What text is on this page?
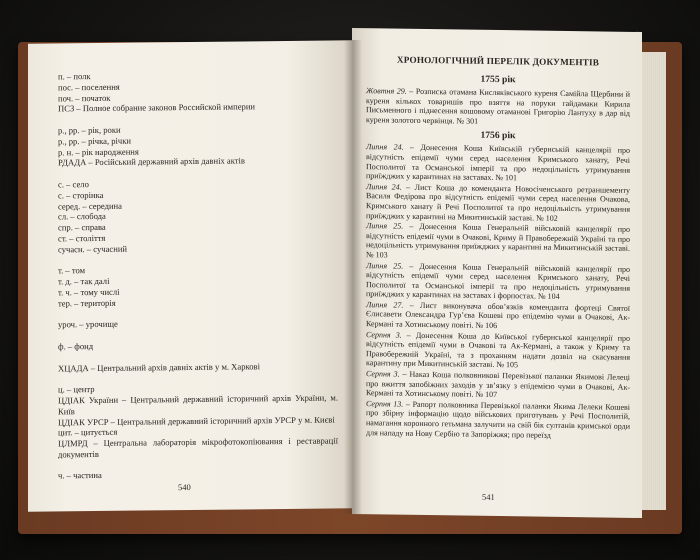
п. – полк
пос. – поселення
поч. – початок
ПСЗ – Полное собрание законов Российской империи
р., рр. – рік, роки
р., рр. – річка, річки
р. н. – рік народження
РДАДА – Російський державний архів давніх актів
с. – село
с. – сторінка
серед. – середина
сл. – слобода
спр. – справа
ст. – століття
сучасн. – сучасний
т. – том
т. д. – так далі
т. ч. – тому числі
тер. – територія
уроч. – урочище
ф. – фонд
ХЦАДА – Центральний архів давніх актів у м. Харкові
ц. – центр
ЦДІАК України – Центральний державний історичний архів України, м. Київ
ЦДІАК УРСР – Центральний державний історичний архів УРСР у м. Києві
цит. – цитується
ЦЛМРД – Центральна лабораторія мікрофотокопіювання і реставрації документів
ч. – частина
540
ХРОНОЛОГІЧНИЙ ПЕРЕЛІК ДОКУМЕНТІВ
1755 рік
Жовтня 29. – Розписка отамана Кисляківського куреня Самійла Щербини й куреня кількох товаришів про взяття на поруки гайдамаки Кирила Письменного і піднесення кошовому отаманові Григорію Лантуху в дар від куреня золотого червінця. № 301
1756 рік
Липня 24. – Донесення Коша Київській губернській канцелярії про відсутність епідемії чуми серед населення Кримського ханату, Речі Посполитої та Османської імперії та про недоцільність утримування приїжджих у карантинах на заставах. № 101
Липня 24. – Лист Коша до коменданта Новосіченського ретраншементу Василя Федірова про відсутність епідемії чуми серед населення Очакова, Кримського ханату й Речі Посполитої та про недоцільність утримування приїжджих у карантині на Микитинській заставі. № 102
Липня 25. – Донесення Коша Генеральній військовій канцелярії про відсутність епідемії чуми в Очакові, Криму й Правобережній Україні та про недоцільність утримування приїжджих у карантині на Микитинській заставі. № 103
Липня 25. – Донесення Коша Генеральній військовій канцелярії про відсутність епідемії чуми серед населення Кримського ханату, Речі Посполитої та Османської імперії та про недоцільність утримування приїжджих у карантинах на заставах і форпостах. № 104
Липня 27. – Лист виконувача обов’язків коменданта фортеці Святої Єлисавети Олександра Гур’єва Кошеві про епідемію чуми в Очакові, Ак-Кермані та Хотинському повіті. № 106
Серпня 3. – Донесення Коша до Київської губернської канцелярії про відсутність епідемії чуми в Очакові та Ак-Кермані, а також у Криму та Правобережній Україні, та з проханням надати дозвіл на скасування карантину при Микитинській заставі. № 105
Серпня 3. – Наказ Коша полковникові Перевізької паланки Якимові Лелеці про вжиття запобіжних заходів у зв’язку з епідемією чуми в Очакові, Ак-Кермані та Хотинському повіті. № 107
Серпня 13. – Рапорт полковника Перевізької паланки Якима Лелеки Кошеві про збірну інформацію щодо військових приготувань у Речі Посполитій, намагання коронного гетьмана залучити на свій бік султанів кримської орди для нападу на Нову Сербію та Запоріжжя; про переїзд
541
